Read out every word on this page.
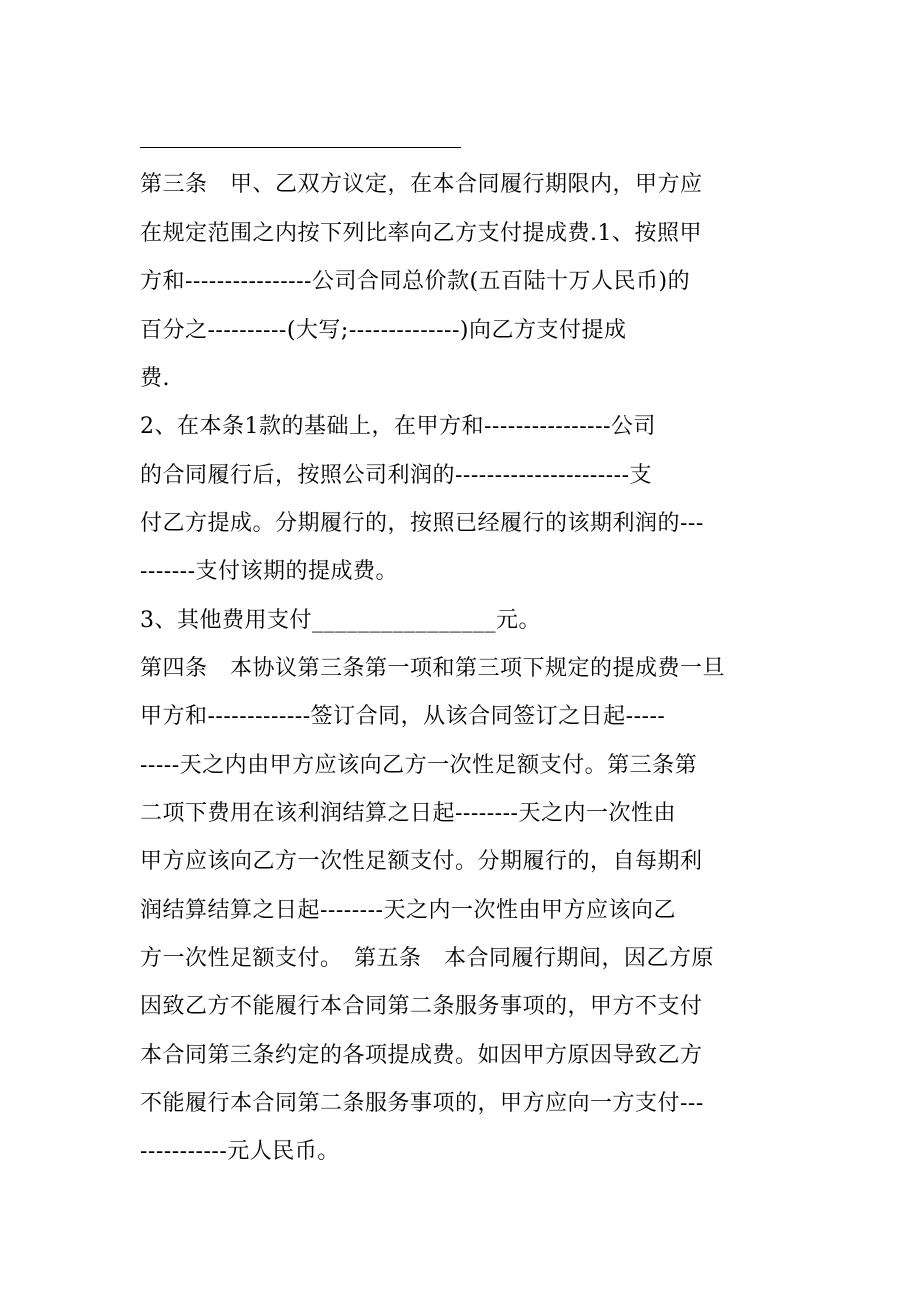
第三条　甲、乙双方议定，在本合同履行期限内，甲方应

在规定范围之内按下列比率向乙方支付提成费.1、按照甲

方和----------------公司合同总价款(五百陆十万人民币)的

百分之----------(大写;--------------)向乙方支付提成

费.

2、在本条1款的基础上，在甲方和----------------公司

的合同履行后，按照公司利润的----------------------支

付乙方提成。分期履行的，按照已经履行的该期利润的---

-------支付该期的提成费。

3、其他费用支付________________元。

第四条　本协议第三条第一项和第三项下规定的提成费一旦

甲方和-------------签订合同，从该合同签订之日起-----

-----天之内由甲方应该向乙方一次性足额支付。第三条第

二项下费用在该利润结算之日起--------天之内一次性由

甲方应该向乙方一次性足额支付。分期履行的，自每期利

润结算结算之日起--------天之内一次性由甲方应该向乙

方一次性足额支付。　第五条　本合同履行期间，因乙方原

因致乙方不能履行本合同第二条服务事项的，甲方不支付

本合同第三条约定的各项提成费。如因甲方原因导致乙方

不能履行本合同第二条服务事项的，甲方应向一方支付---

-----------元人民币。
